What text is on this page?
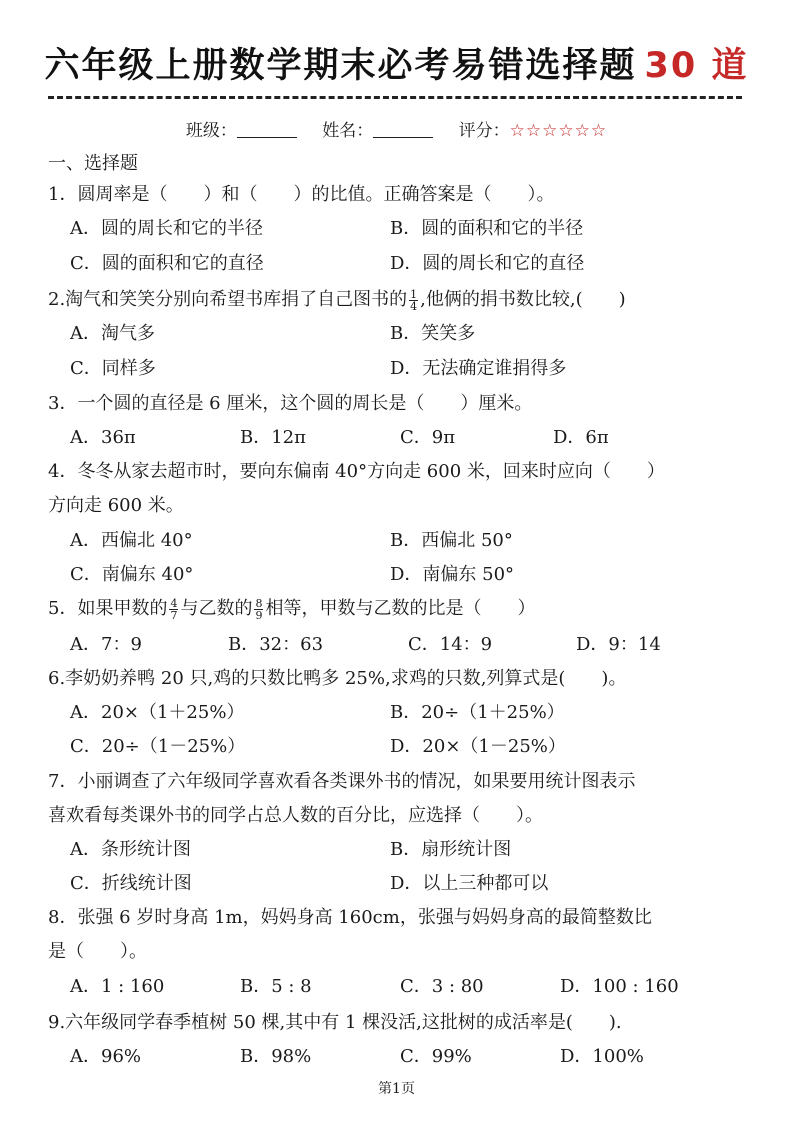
六年级上册数学期末必考易错选择题 30 道
班级：	姓名：	评分：☆☆☆☆☆☆
一、选择题
1．圆周率是（　　）和（　　）的比值。正确答案是（　　）。
A．圆的周长和它的半径	B．圆的面积和它的半径
C．圆的面积和它的直径	D．圆的周长和它的直径
2.淘气和笑笑分别向希望书库捐了自己图书的 $\frac{1}{4}$ ,他俩的捐书数比较,(　　)
A．淘气多	B．笑笑多
C．同样多	D．无法确定谁捐得多
3．一个圆的直径是 6 厘米，这个圆的周长是（　　）厘米。
A．36π	B．12π	C．9π	D．6π
4．冬冬从家去超市时，要向东偏南 40°方向走 600 米，回来时应向（　　）
方向走 600 米。
A．西偏北 40°	B．西偏北 50°
C．南偏东 40°	D．南偏东 50°
5．如果甲数的 $\frac{4}{7}$ 与乙数的 $\frac{8}{9}$ 相等，甲数与乙数的比是（　　）
A．7：9	B．32：63	C．14：9	D．9：14
6.李奶奶养鸭 20 只,鸡的只数比鸭多 25%,求鸡的只数,列算式是(　　)。
A．20×（1＋25%）	B．20÷（1＋25%）
C．20÷（1－25%）	D．20×（1－25%）
7．小丽调查了六年级同学喜欢看各类课外书的情况，如果要用统计图表示
喜欢看每类课外书的同学占总人数的百分比，应选择（　　）。
A．条形统计图	B．扇形统计图
C．折线统计图	D．以上三种都可以
8．张强 6 岁时身高 1m，妈妈身高 160cm，张强与妈妈身高的最简整数比
是（　　）。
A．1 : 160	B．5 : 8	C．3 : 80	D．100 : 160
9.六年级同学春季植树 50 棵,其中有 1 棵没活,这批树的成活率是(　　).
A．96%	B．98%	C．99%	D．100%
第1页
